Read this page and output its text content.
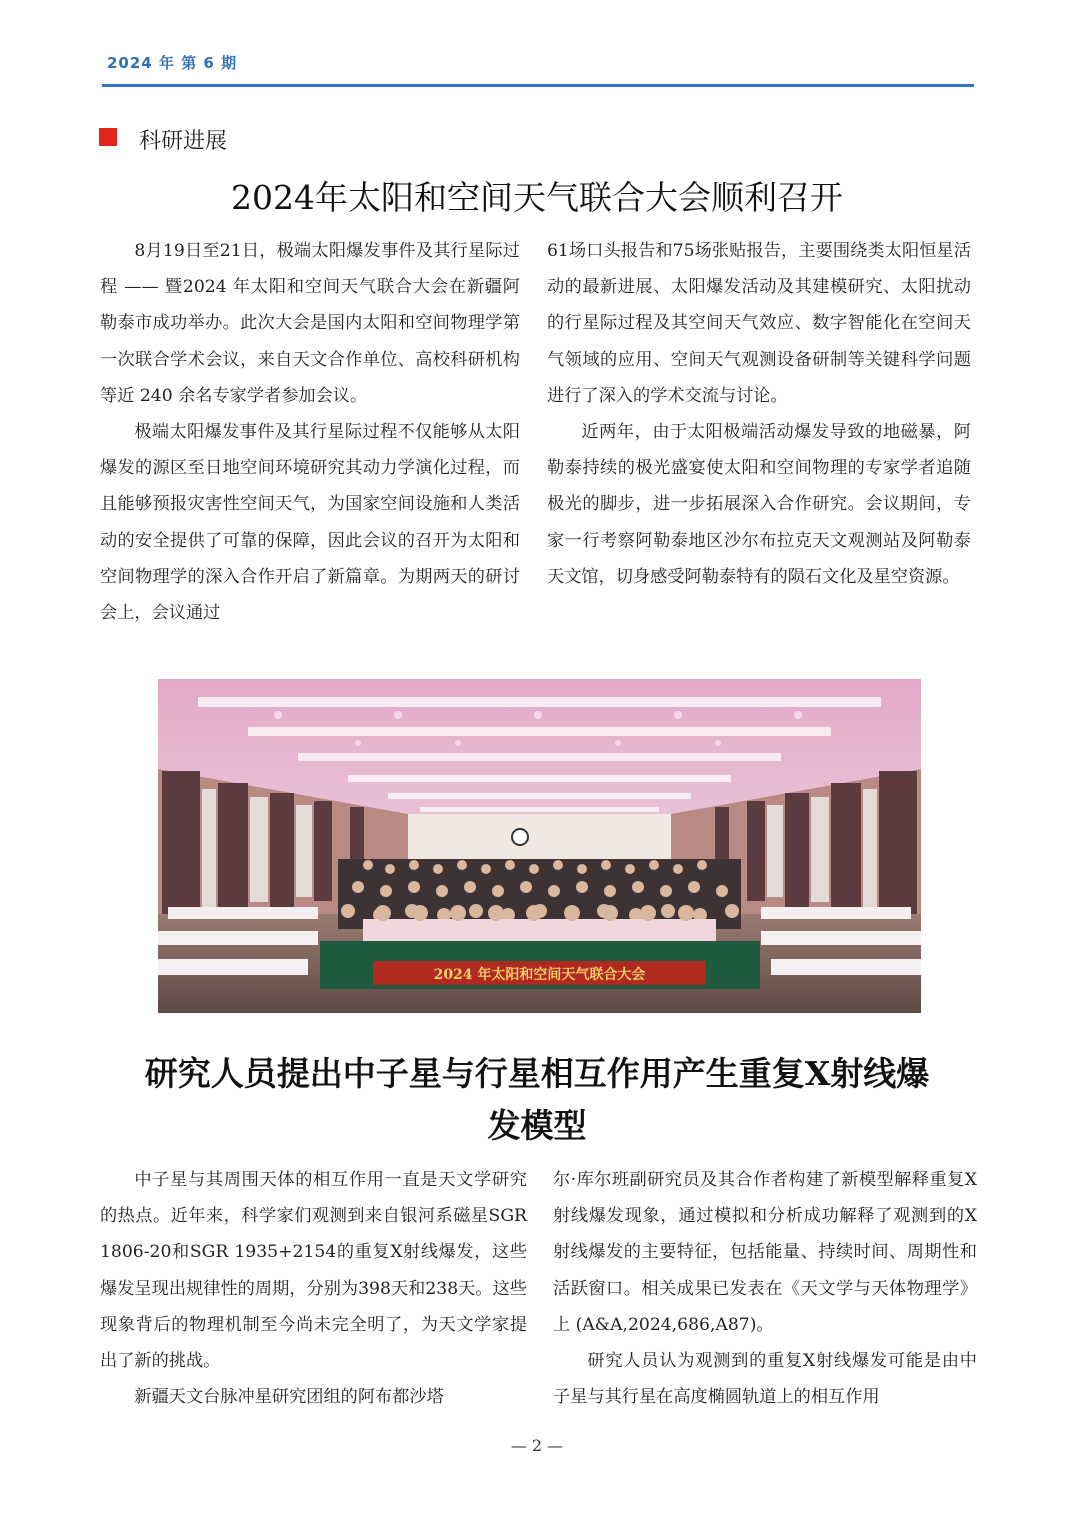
2024 年 第 6 期
科研进展
2024年太阳和空间天气联合大会顺利召开

8月19日至21日，极端太阳爆发事件及其行星际过程 —— 暨2024 年太阳和空间天气联合大会在新疆阿勒泰市成功举办。此次大会是国内太阳和空间物理学第一次联合学术会议，来自天文合作单位、高校科研机构等近 240 余名专家学者参加会议。

极端太阳爆发事件及其行星际过程不仅能够从太阳爆发的源区至日地空间环境研究其动力学演化过程，而且能够预报灾害性空间天气，为国家空间设施和人类活动的安全提供了可靠的保障，因此会议的召开为太阳和空间物理学的深入合作开启了新篇章。为期两天的研讨会上，会议通过

61场口头报告和75场张贴报告，主要围绕类太阳恒星活动的最新进展、太阳爆发活动及其建模研究、太阳扰动的行星际过程及其空间天气效应、数字智能化在空间天气领域的应用、空间天气观测设备研制等关键科学问题进行了深入的学术交流与讨论。

近两年，由于太阳极端活动爆发导致的地磁暴，阿勒泰持续的极光盛宴使太阳和空间物理的专家学者追随极光的脚步，进一步拓展深入合作研究。会议期间，专家一行考察阿勒泰地区沙尔布拉克天文观测站及阿勒泰天文馆，切身感受阿勒泰特有的陨石文化及星空资源。

2024 年太阳和空间天气联合大会
研究人员提出中子星与行星相互作用产生重复X射线爆
发模型

中子星与其周围天体的相互作用一直是天文学研究的热点。近年来，科学家们观测到来自银河系磁星SGR 1806-20和SGR 1935+2154的重复X射线爆发，这些爆发呈现出规律性的周期，分别为398天和238天。这些现象背后的物理机制至今尚未完全明了，为天文学家提出了新的挑战。

新疆天文台脉冲星研究团组的阿布都沙塔

尔·库尔班副研究员及其合作者构建了新模型解释重复X射线爆发现象，通过模拟和分析成功解释了观测到的X射线爆发的主要特征，包括能量、持续时间、周期性和活跃窗口。相关成果已发表在《天文学与天体物理学》上 (A&A,2024,686,A87)。

研究人员认为观测到的重复X射线爆发可能是由中子星与其行星在高度椭圆轨道上的相互作用

— 2 —
